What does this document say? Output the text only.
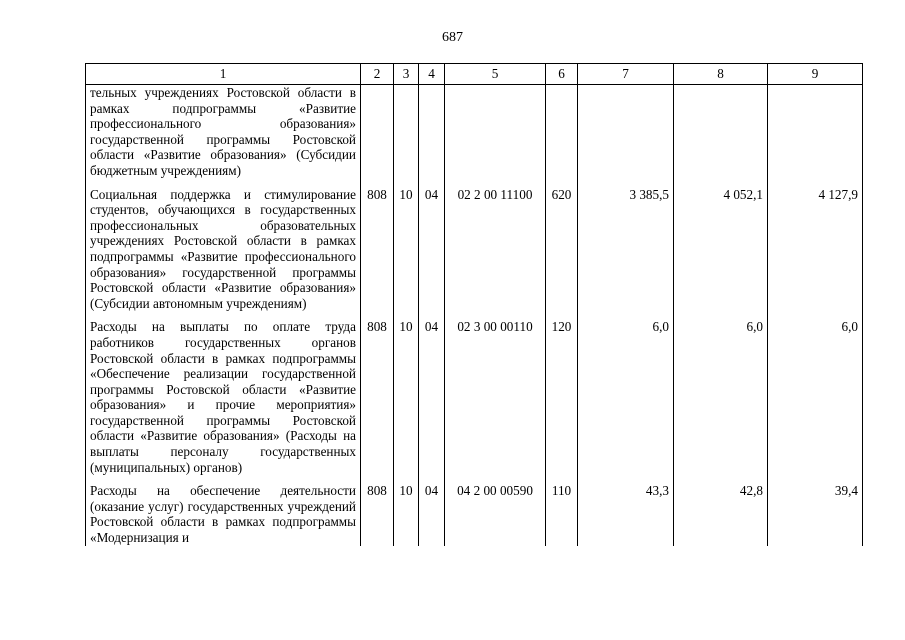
687
1	2	3	4	5	6	7	8	9
тельных учреждениях Ростовской области в рамках подпрограммы «Развитие профессионального образования» государственной программы Ростовской области «Развитие образования» (Субсидии бюджетным учреждениям)								

Социальная поддержка и стимулирование студентов, обучающихся в государственных профессиональных образовательных учреждениях Ростовской области в рамках подпрограммы «Развитие профессионального образования» государственной программы Ростовской области «Развитие образования» (Субсидии автономным учреждениям)	808	10	04	02 2 00 11100	620	3 385,5	4 052,1	4 127,9

Расходы на выплаты по оплате труда работников государственных органов Ростовской области в рамках подпрограммы «Обеспечение реализации государственной программы Ростовской области «Развитие образования» и прочие мероприятия» государственной программы Ростовской области «Развитие образования» (Расходы на выплаты персоналу государственных (муниципальных) органов)	808	10	04	02 3 00 00110	120	6,0	6,0	6,0

Расходы на обеспечение деятельности (оказание услуг) государственных учреждений Ростовской области в рамках подпрограммы «Модернизация и	808	10	04	04 2 00 00590	110	43,3	42,8	39,4
